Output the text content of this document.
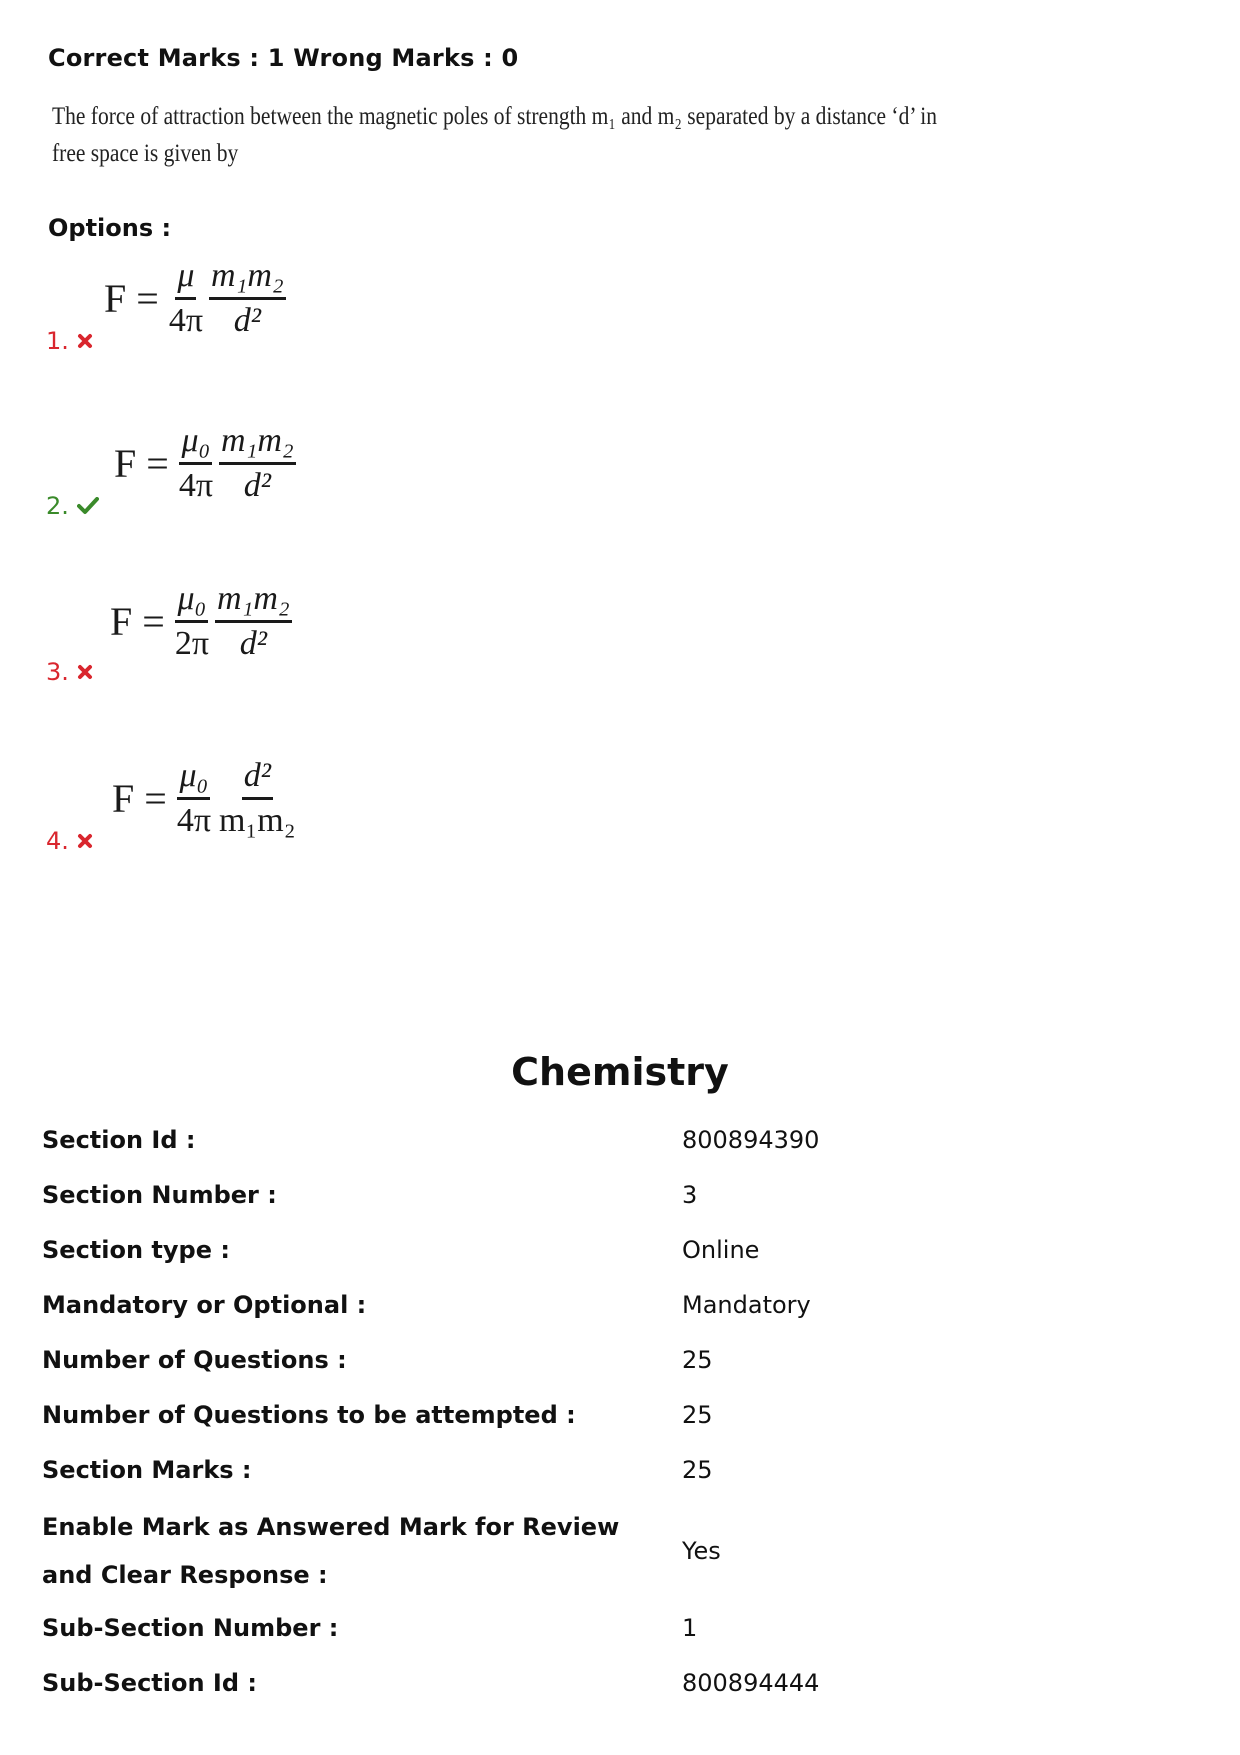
Correct Marks : 1 Wrong Marks : 0
The force of attraction between the magnetic poles of strength m₁ and m₂ separated by a distance ‘d’ in
free space is given by
Options :
1.
$F = \frac{\mu}{4\pi} \frac{\text{m₁m₂}}{\text{d²}}$
2.
$F = \frac{\text{μ₀}}{4\pi} \frac{\text{m₁m₂}}{\text{d²}}$
3.
$F = \frac{\text{μ₀}}{2\pi} \frac{\text{m₁m₂}}{\text{d²}}$
4.
$F = \frac{\text{μ₀}}{4\pi} \frac{\text{d²}}{\text{m₁m₂}}$
Chemistry
Section Id :	800894390
Section Number :	3
Section type :	Online
Mandatory or Optional :	Mandatory
Number of Questions :	25
Number of Questions to be attempted :	25
Section Marks :	25
Enable Mark as Answered Mark for Review and Clear Response :
Yes
Sub-Section Number :	1
Sub-Section Id :	800894444
